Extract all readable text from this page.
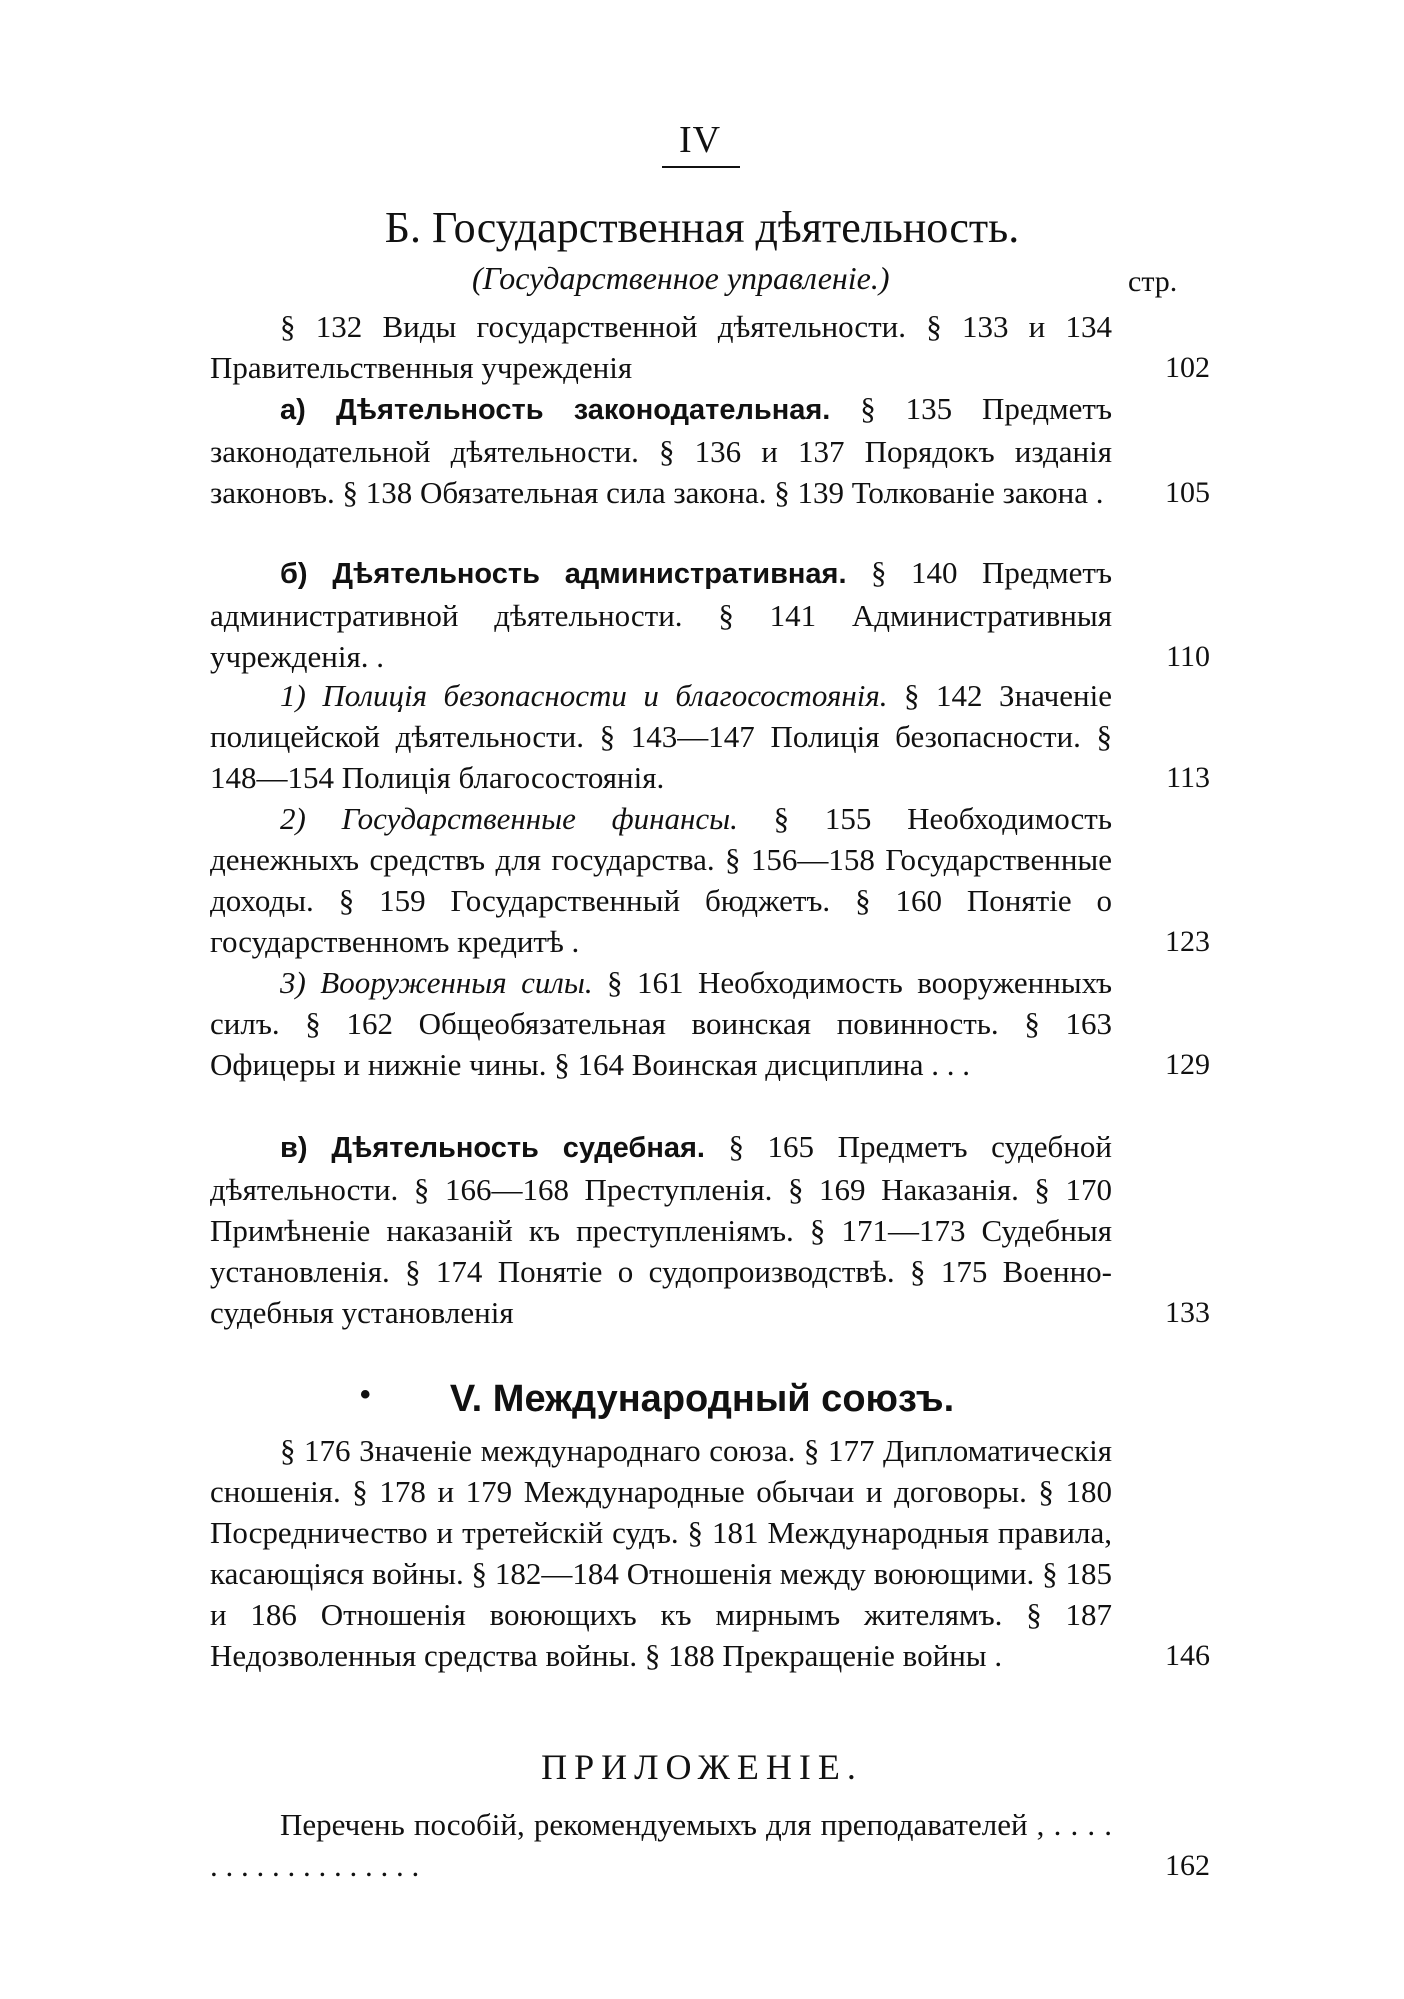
IV
Б. Государственная дѣятельность.
(Государственное управленіе.)	стр.
§ 132 Виды государственной дѣятельности. § 133 и 134 Правительственныя учрежденія	102
а) Дѣятельность законодательная. § 135 Предметъ законодательной дѣятельности. § 136 и 137 Порядокъ изданія законовъ. § 138 Обязательная сила закона. § 139 Толкованіе закона .	105
б) Дѣятельность административная. § 140 Предметъ административной дѣятельности. § 141 Административныя учрежденія. .	110
1) Полиція безопасности и благосостоянія. § 142 Значеніе полицейской дѣятельности. § 143—147 Полиція безопасности. § 148—154 Полиція благосостоянія.	113
2) Государственные финансы. § 155 Необходимость денежныхъ средствъ для государства. § 156—158 Государственные доходы. § 159 Государственный бюджетъ. § 160 Понятіе о государственномъ кредитѣ .	123
3) Вооруженныя силы. § 161 Необходимость вооруженныхъ силъ. § 162 Общеобязательная воинская повинность. § 163 Офицеры и нижніе чины. § 164 Воинская дисциплина . . .	129
в) Дѣятельность судебная. § 165 Предметъ судебной дѣятельности. § 166—168 Преступленія. § 169 Наказанія. § 170 Примѣненіе наказаній къ преступленіямъ. § 171—173 Судебныя установленія. § 174 Понятіе о судопроизводствѣ. § 175 Военно-судебныя установленія	133
• V. Международный союзъ.
§ 176 Значеніе международнаго союза. § 177 Дипломатическія сношенія. § 178 и 179 Международные обычаи и договоры. § 180 Посредничество и третейскій судъ. § 181 Международныя правила, касающіяся войны. § 182—184 Отношенія между воюющими. § 185 и 186 Отношенія воюющихъ къ мирнымъ жителямъ. § 187 Недозволенныя средства войны. § 188 Прекращеніе войны .	146
ПРИЛОЖЕНІЕ.
Перечень пособій, рекомендуемыхъ для преподавателей , . . . . . . . . . . . . . . . . . .	162
